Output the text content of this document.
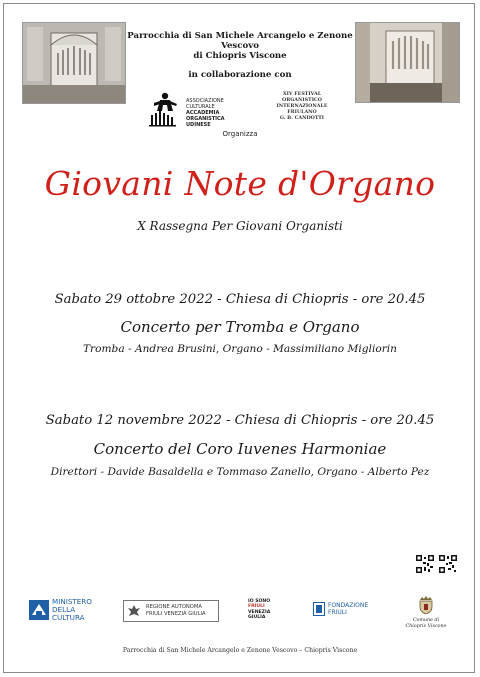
Parrocchia di San Michele Arcangelo e Zenone Vescovo
di Chiopris Viscone
in collaborazione con
ASSOCIAZIONE
CULTURALE
ACCADEMIA
ORGANISTICA
UDINESE
XIV FESTIVAL
ORGANISTICO
INTERNAZIONALE
FRIULANO
G. B. CANDOTTI
Organizza
Giovani Note d'Organo
X Rassegna Per Giovani Organisti
Sabato 29 ottobre 2022 - Chiesa di Chiopris - ore 20.45
Concerto per Tromba e Organo
Tromba - Andrea Brusini, Organo - Massimiliano Migliorin
Sabato 12 novembre 2022 - Chiesa di Chiopris - ore 20.45
Concerto del Coro Iuvenes Harmoniae
Direttori - Davide Basaldella e Tommaso Zanello, Organo - Alberto Pez
MINISTERO
DELLA
CULTURA
REGIONE AUTONOMA
FRIULI VENEZIA GIULIA
IO SONO
FRIULI
VENEZIA
GIULIA
FONDAZIONE
FRIULI
Comune di
Chiopris Viscone
Parrocchia di San Michele Arcangelo e Zenone Vescovo – Chiopris Viscone
